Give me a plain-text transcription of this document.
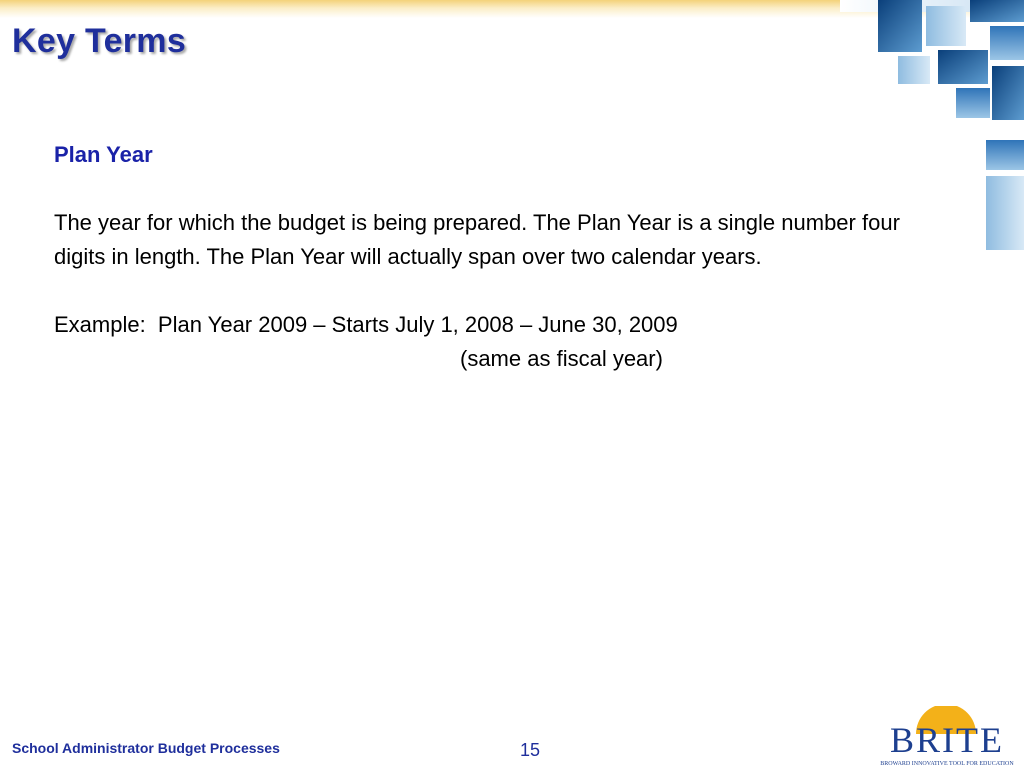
Key Terms

Plan Year

The year for which the budget is being prepared. The Plan Year is a single number four digits in length. The Plan Year will actually span over two calendar years.

Example:  Plan Year 2009 – Starts July 1, 2008 – June 30, 2009

(same as fiscal year)

School Administrator Budget Processes	15	BRITE
BROWARD INNOVATIVE TOOL FOR EDUCATION
